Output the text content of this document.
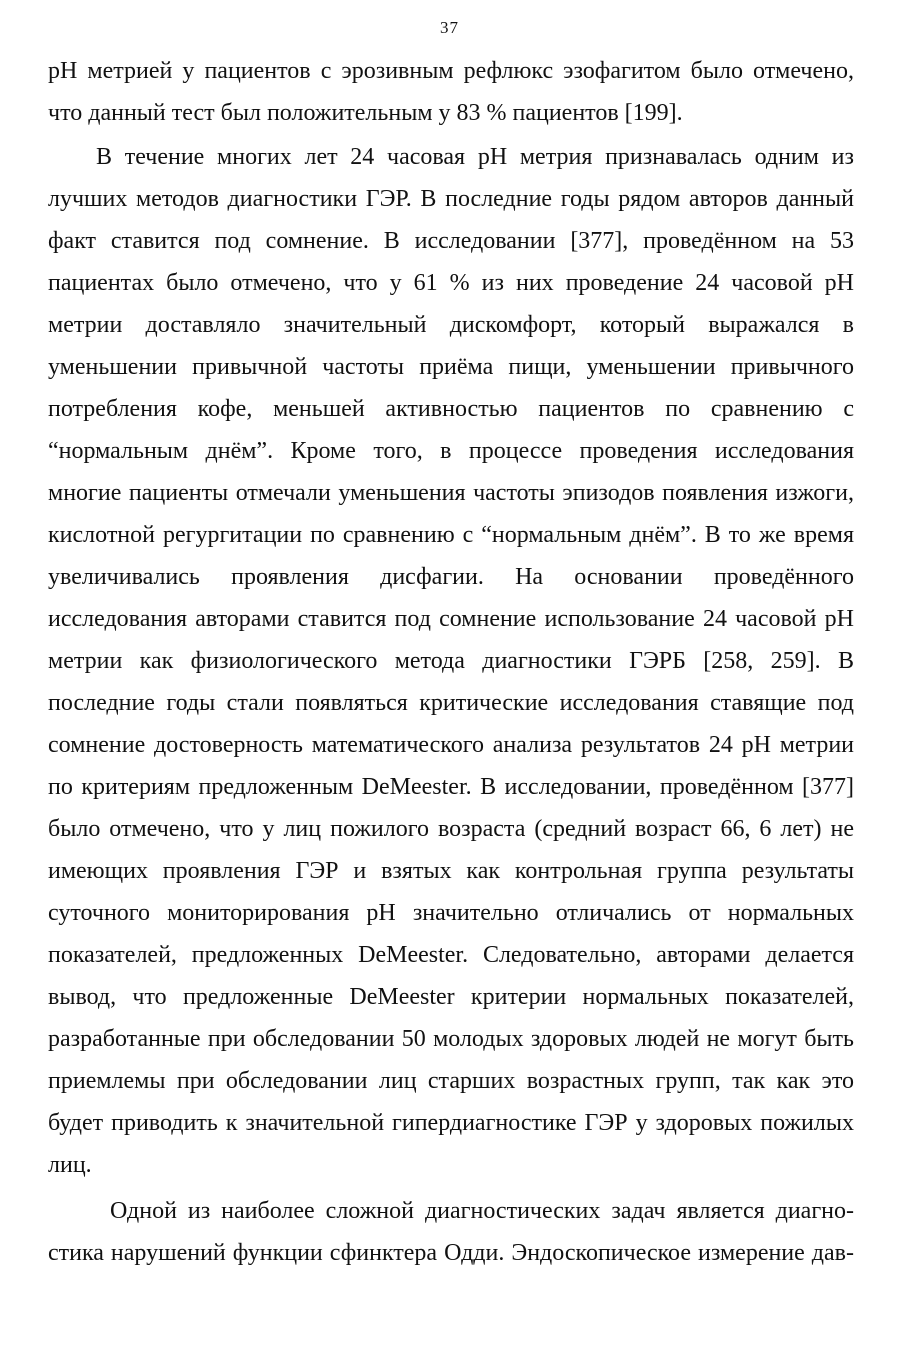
37
pH метрией у пациентов с эрозивным рефлюкс эзофагитом было отмечено,
что данный тест был положительным у 83 % пациентов [199].
В течение многих лет 24 часовая pH метрия признавалась одним из
лучших методов диагностики ГЭР. В последние годы рядом авторов данный
факт ставится под сомнение. В исследовании [377], проведённом на 53
пациентах было отмечено, что у 61 % из них проведение 24 часовой pH
метрии доставляло значительный дискомфорт, который выражался в
уменьшении привычной частоты приёма пищи, уменьшении привычного
потребления кофе, меньшей активностью пациентов по сравнению с
“нормальным днём”. Кроме того, в процессе проведения исследования
многие пациенты отмечали уменьшения частоты эпизодов появления изжоги,
кислотной регургитации по сравнению с “нормальным днём”. В то же время
увеличивались проявления дисфагии. На основании проведённого
исследования авторами ставится под сомнение использование 24 часовой pH
метрии как физиологического метода диагностики ГЭРБ [258, 259]. В
последние годы стали появляться критические исследования ставящие под
сомнение достоверность математического анализа результатов 24 pH метрии
по критериям предложенным DeMeester. В исследовании, проведённом [377]
было отмечено, что у лиц пожилого возраста (средний возраст 66, 6 лет) не
имеющих проявления ГЭР и взятых как контрольная группа результаты
суточного мониторирования pH значительно отличались от нормальных
показателей, предложенных DeMeester. Следовательно, авторами делается
вывод, что предложенные DeMeester критерии нормальных показателей,
разработанные при обследовании 50 молодых здоровых людей не могут быть
приемлемы при обследовании лиц старших возрастных групп, так как это
будет приводить к значительной гипердиагностике ГЭР у здоровых пожилых
лиц.
Одной из наиболее сложной диагностических задач является диагно-
стика нарушений функции сфинктера Одди. Эндоскопическое измерение дав-
